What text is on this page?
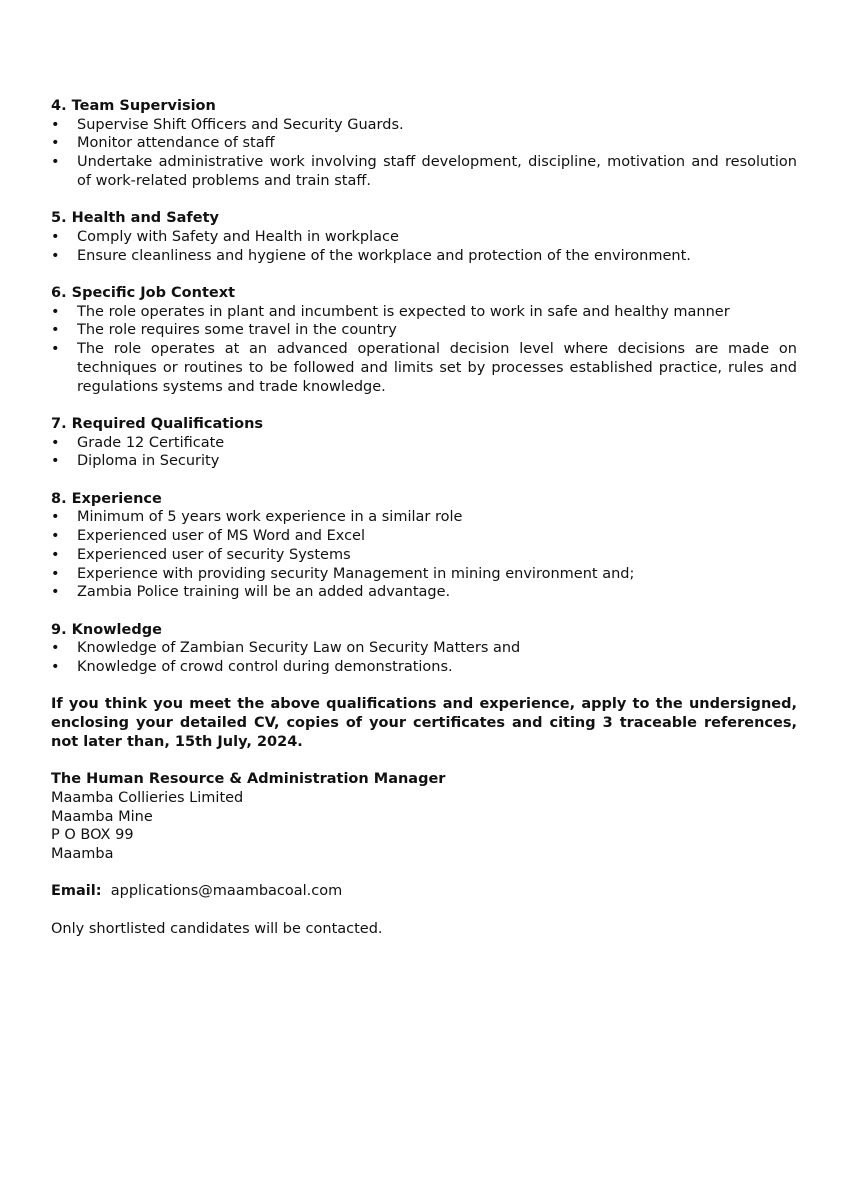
4. Team Supervision
• Supervise Shift Officers and Security Guards.
• Monitor attendance of staff
• Undertake administrative work involving staff development, discipline, motivation and resolution of work-related problems and train staff.
5. Health and Safety
• Comply with Safety and Health in workplace
• Ensure cleanliness and hygiene of the workplace and protection of the environment.
6. Specific Job Context
• The role operates in plant and incumbent is expected to work in safe and healthy manner
• The role requires some travel in the country
• The role operates at an advanced operational decision level where decisions are made on techniques or routines to be followed and limits set by processes established practice, rules and regulations systems and trade knowledge.
7. Required Qualifications
• Grade 12 Certificate
• Diploma in Security
8. Experience
• Minimum of 5 years work experience in a similar role
• Experienced user of MS Word and Excel
• Experienced user of security Systems
• Experience with providing security Management in mining environment and;
• Zambia Police training will be an added advantage.
9. Knowledge
• Knowledge of Zambian Security Law on Security Matters and
• Knowledge of crowd control during demonstrations.
If you think you meet the above qualifications and experience, apply to the undersigned, enclosing your detailed CV, copies of your certificates and citing 3 traceable references, not later than, 15th July, 2024.
The Human Resource & Administration Manager
Maamba Collieries Limited
Maamba Mine
P O BOX 99
Maamba
Email: applications@maambacoal.com
Only shortlisted candidates will be contacted.
